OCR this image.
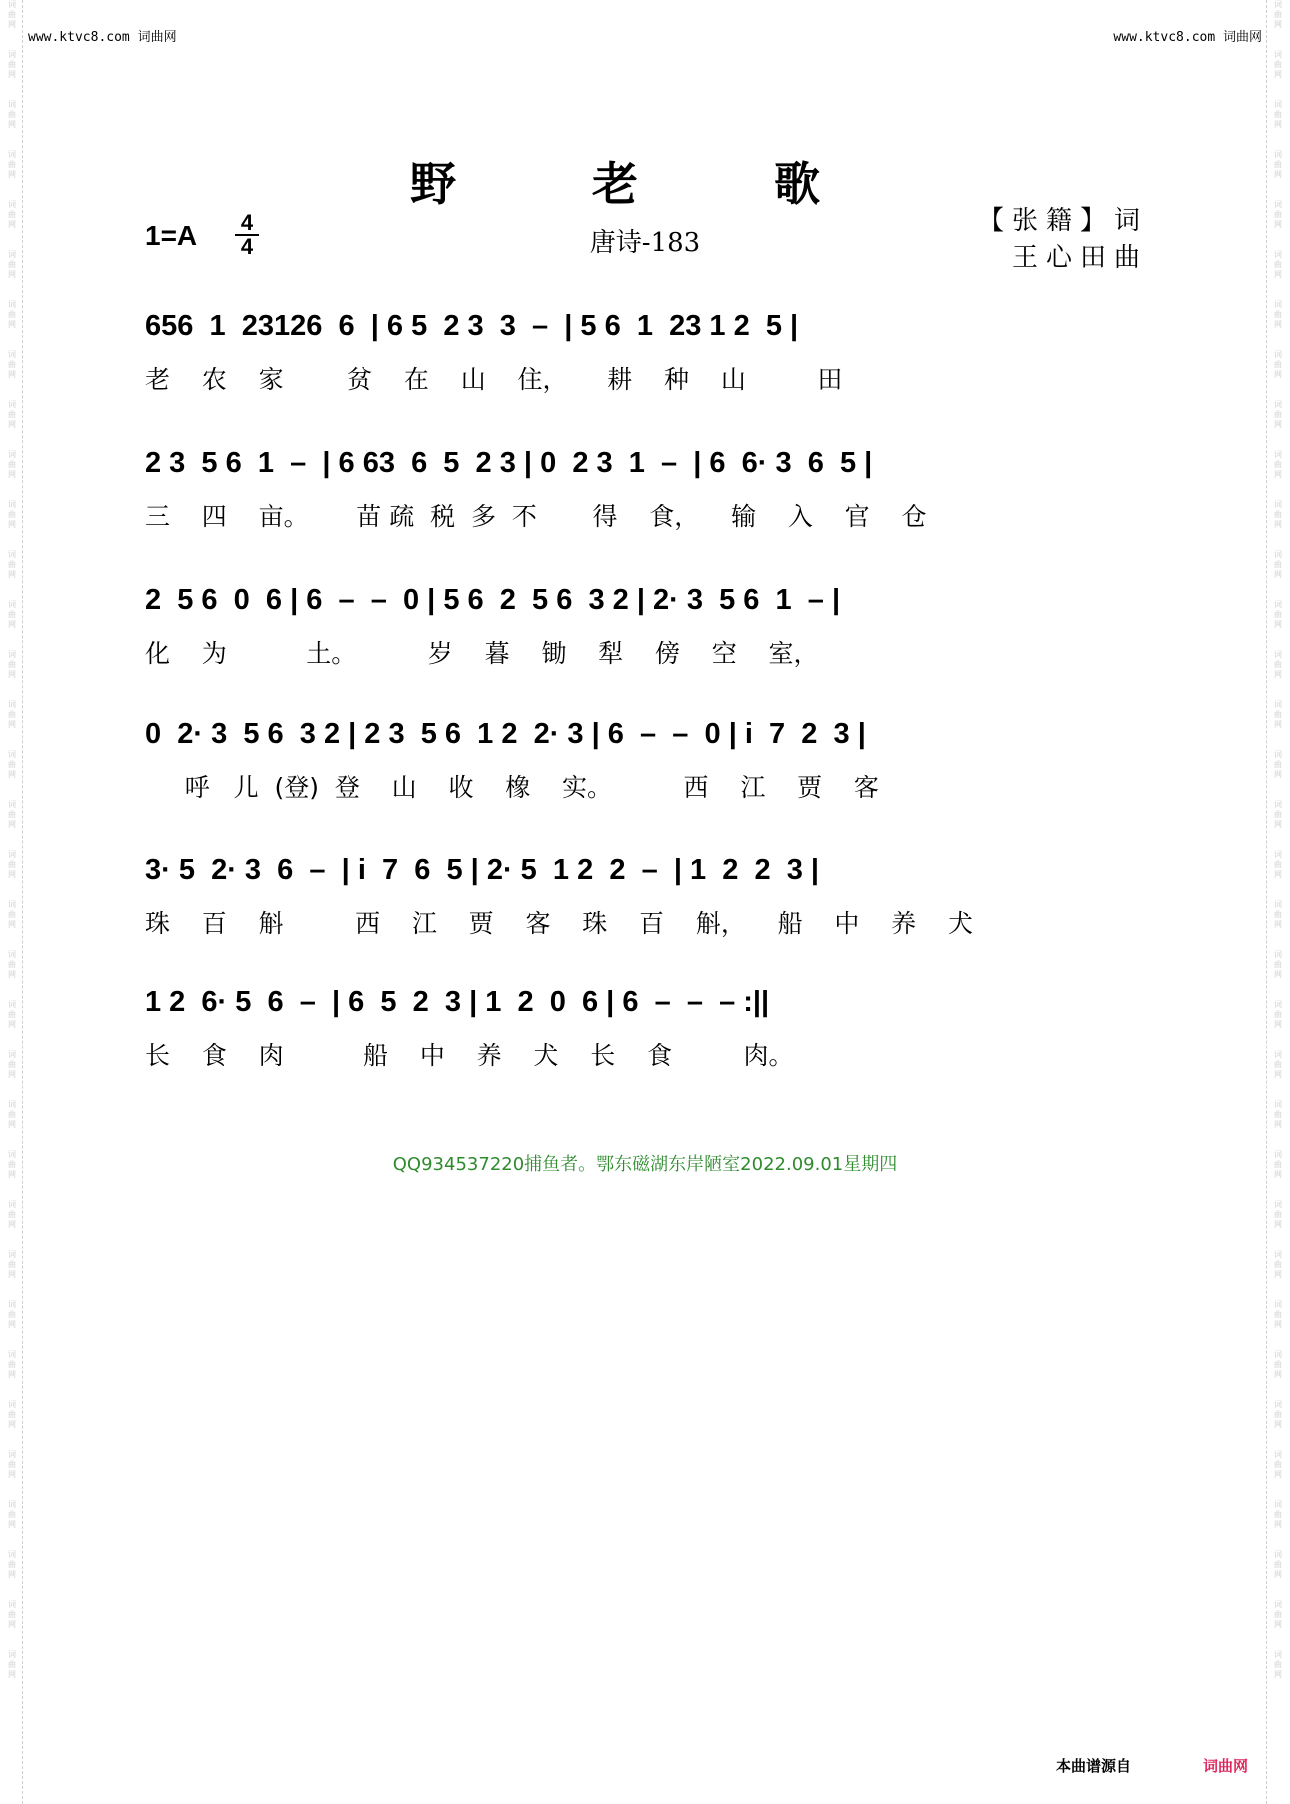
词
曲
网

词
曲
网

词
曲
网

词
曲
网

词
曲
网

词
曲
网

词
曲
网

词
曲
网

词
曲
网

词
曲
网

词
曲
网

词
曲
网

词
曲
网

词
曲
网

词
曲
网

词
曲
网

词
曲
网

词
曲
网

词
曲
网

词
曲
网

词
曲
网

词
曲
网

词
曲
网

词
曲
网

词
曲
网

词
曲
网

词
曲
网

词
曲
网

词
曲
网

词
曲
网

词
曲
网

词
曲
网

词
曲
网

词
曲
网

词
曲
网

词
曲
网

词
曲
网

词
曲
网

词
曲
网

词
曲
网

词
曲
网

词
曲
网

词
曲
网

词
曲
网

词
曲
网

词
曲
网

词
曲
网

词
曲
网

词
曲
网

词
曲
网

词
曲
网

词
曲
网

词
曲
网

词
曲
网

词
曲
网

词
曲
网

词
曲
网

词
曲
网

词
曲
网

词
曲
网

词
曲
网

词
曲
网

词
曲
网

词
曲
网

词
曲
网

词
曲
网

词
曲
网

词
曲
网

www.ktvc8.com 词曲网	www.ktvc8.com 词曲网
野 老 歌
1=A 4
4	唐诗-183
【张籍】词
王心田曲
656  1  23126  6  | 6 5  2 3  3  –  | 5 6  1  23 1 2  5 |
老    农    家        贫    在    山    住，     耕    种    山         田
2 3  5 6  1  –  | 6 63  6  5  2 3 | 0  2 3  1  –  | 6  6· 3  6  5 |
三    四    亩。      苗 疏  税  多  不       得    食，    输    入    官    仓
2  5 6  0  6 | 6  –  –  0 | 5 6  2  5 6  3 2 | 2· 3  5 6  1  – |
化    为          土。         岁    暮    锄    犁    傍    空    室，
0  2· 3  5 6  3 2 | 2 3  5 6  1 2  2· 3 | 6  –  –  0 | i  7  2  3 |
呼   儿  (登)  登    山    收    橡    实。         西    江    贾    客
3· 5  2· 3  6  –  | i  7  6  5 | 2· 5  1 2  2  –  | 1  2  2  3 |
珠    百    斛         西    江    贾    客    珠    百    斛，    船    中    养    犬
1 2  6· 5  6  –  | 6  5  2  3 | 1  2  0  6 | 6  –  –  – :||
长    食    肉          船    中    养    犬    长    食         肉。
QQ934537220捕鱼者。鄂东磁湖东岸陋室2022.09.01星期四
本曲谱源自	词曲网
